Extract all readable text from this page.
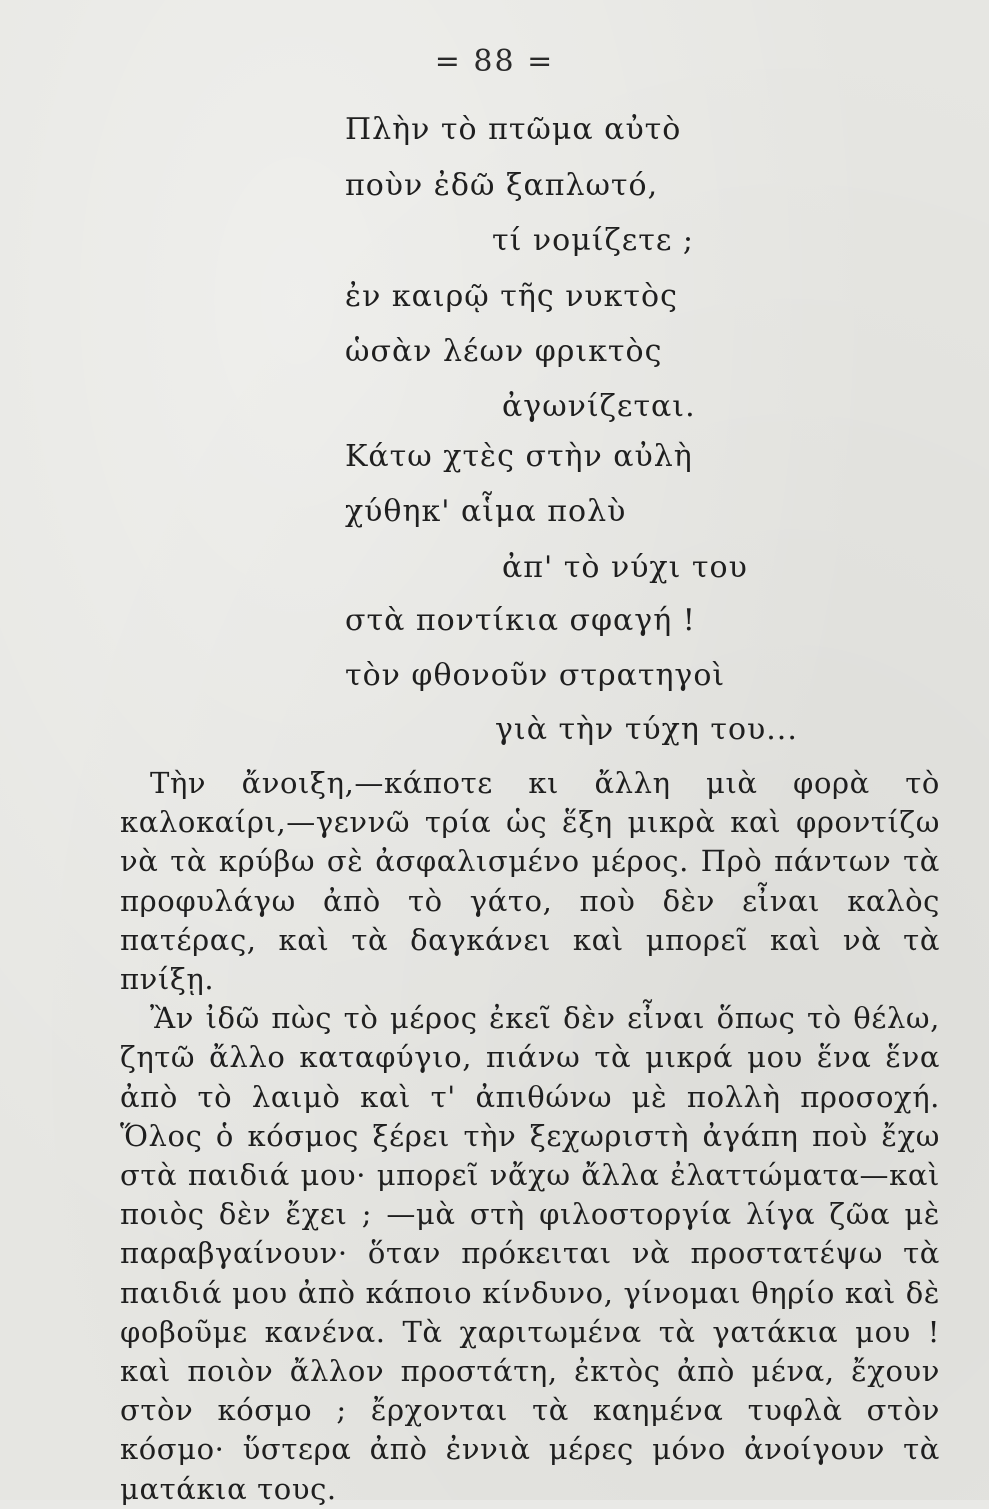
= 88 =
Πλὴν τὸ πτῶμα αὐτὸ
ποὺν ἐδῶ ξαπλωτό,
τί νομίζετε ;
ἐν καιρῷ τῆς νυκτὸς
ὡσὰν λέων φρικτὸς
ἀγωνίζεται.
Κάτω χτὲς στὴν αὐλὴ
χύθηκ' αἷμα πολὺ
ἀπ' τὸ νύχι του
στὰ ποντίκια σφαγή !
τὸν φθονοῦν στρατηγοὶ
γιὰ τὴν τύχη του...

Τὴν ἄνοιξη,—κάποτε κι ἄλλη μιὰ φορὰ τὸ καλοκαίρι,—γεννῶ τρία ὡς ἕξη μικρὰ καὶ φροντίζω νὰ τὰ κρύβω σὲ ἀσφαλισμένο μέρος. Πρὸ πάντων τὰ προφυλάγω ἀπὸ τὸ γάτο, ποὺ δὲν εἶναι καλὸς πατέρας, καὶ τὰ δαγκάνει καὶ μπορεῖ καὶ νὰ τὰ πνίξῃ.

Ἂν ἰδῶ πὼς τὸ μέρος ἐκεῖ δὲν εἶναι ὅπως τὸ θέλω, ζητῶ ἄλλο καταφύγιο, πιάνω τὰ μικρά μου ἕνα ἕνα ἀπὸ τὸ λαιμὸ καὶ τ' ἀπιθώνω μὲ πολλὴ προσοχή. Ὅλος ὁ κόσμος ξέρει τὴν ξεχωριστὴ ἀγάπη ποὺ ἔχω στὰ παιδιά μου· μπορεῖ νἄχω ἄλλα ἐλαττώματα—καὶ ποιὸς δὲν ἔχει ; —μὰ στὴ φιλοστοργία λίγα ζῶα μὲ παραβγαίνουν· ὅταν πρόκειται νὰ προστατέψω τὰ παιδιά μου ἀπὸ κάποιο κίνδυνο, γίνομαι θηρίο καὶ δὲ φοβοῦμε κανένα. Τὰ χαριτωμένα τὰ γατάκια μου ! καὶ ποιὸν ἄλλον προστάτη, ἐκτὸς ἀπὸ μένα, ἔχουν στὸν κόσμο ; ἔρχονται τὰ καημένα τυφλὰ στὸν κόσμο· ὕστερα ἀπὸ ἐννιὰ μέρες μόνο ἀνοίγουν τὰ ματάκια τους.
